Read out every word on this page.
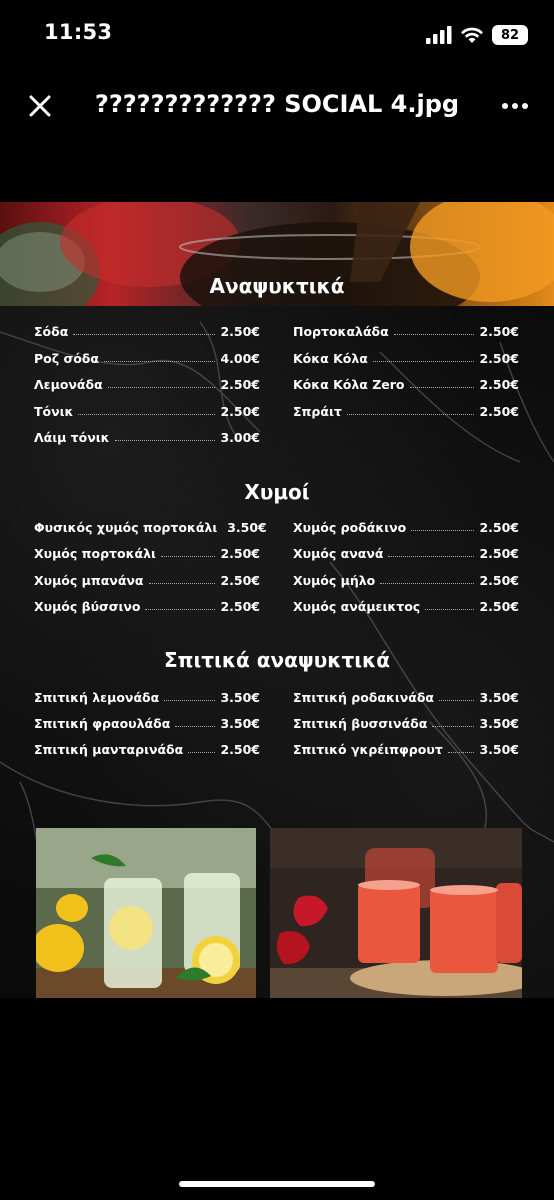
11:53	82
????????????? SOCIAL 4.jpg
Αναψυκτικά
Χυμοί
Σπιτικά αναψυκτικά
Σόδα	2.50€
Ροζ σόδα	4.00€
Λεμονάδα	2.50€
Τόνικ	2.50€
Λάιμ τόνικ	3.00€
Πορτοκαλάδα	2.50€
Κόκα Κόλα	2.50€
Κόκα Κόλα Zero	2.50€
Σπράιτ	2.50€
Φυσικός χυμός πορτοκάλι 3.50€
Χυμός πορτοκάλι	2.50€
Χυμός μπανάνα	2.50€
Χυμός βύσσινο	2.50€
Χυμός ροδάκινο	2.50€
Χυμός ανανά	2.50€
Χυμός μήλο	2.50€
Χυμός ανάμεικτος	2.50€
Σπιτική λεμονάδα	3.50€
Σπιτική φραουλάδα	3.50€
Σπιτική μανταρινάδα	2.50€
Σπιτική ροδακινάδα	3.50€
Σπιτική βυσσινάδα	3.50€
Σπιτικό γκρέιπφρουτ	3.50€
